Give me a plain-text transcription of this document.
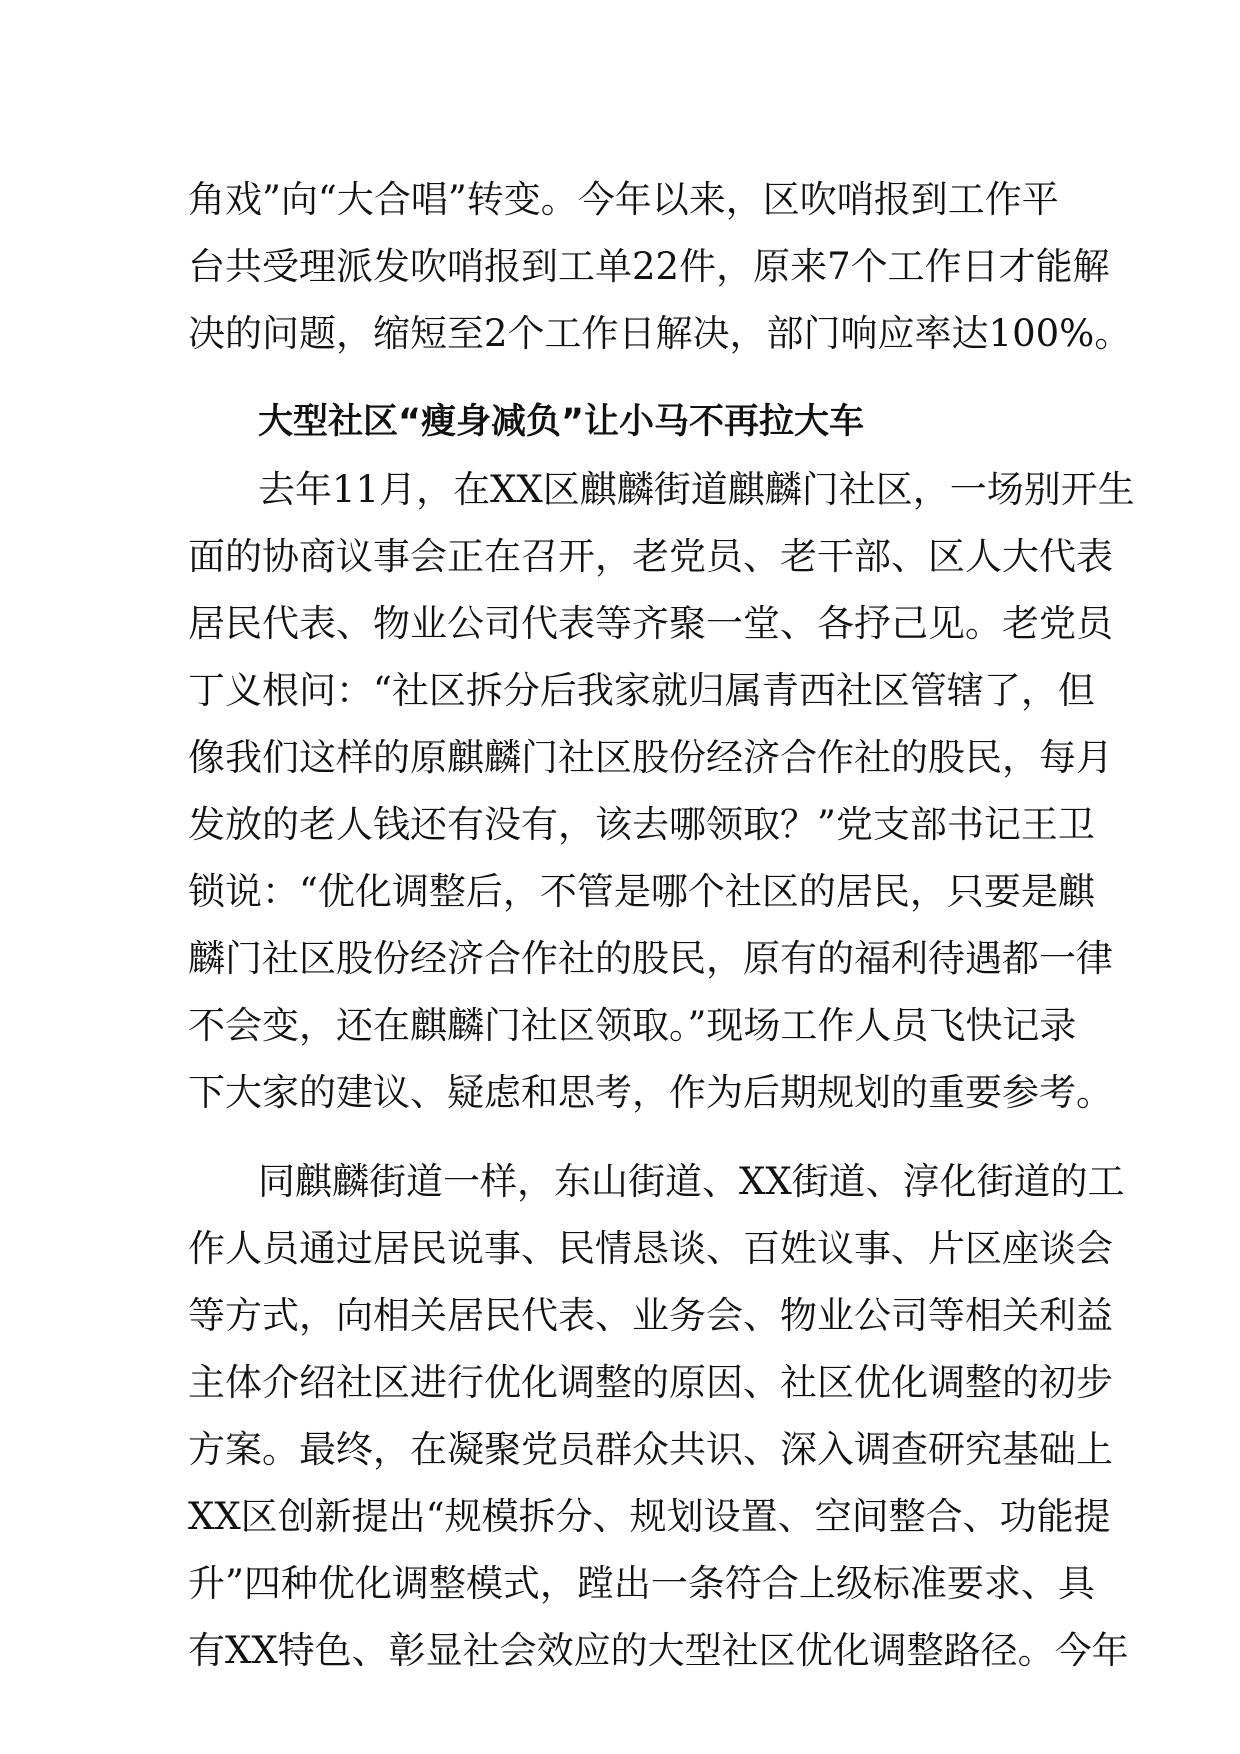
角戏”向“大合唱”转变。今年以来，区吹哨报到工作平
台共受理派发吹哨报到工单22件，原来7个工作日才能解
决的问题，缩短至2个工作日解决，部门响应率达100%。
大型社区“瘦身减负”让小马不再拉大车
去年11月，在XX区麒麟街道麒麟门社区，一场别开生
面的协商议事会正在召开，老党员、老干部、区人大代表
居民代表、物业公司代表等齐聚一堂、各抒己见。老党员
丁义根问：“社区拆分后我家就归属青西社区管辖了，但
像我们这样的原麒麟门社区股份经济合作社的股民，每月
发放的老人钱还有没有，该去哪领取？”党支部书记王卫
锁说：“优化调整后，不管是哪个社区的居民，只要是麒
麟门社区股份经济合作社的股民，原有的福利待遇都一律
不会变，还在麒麟门社区领取。”现场工作人员飞快记录
下大家的建议、疑虑和思考，作为后期规划的重要参考。
同麒麟街道一样，东山街道、XX街道、淳化街道的工
作人员通过居民说事、民情恳谈、百姓议事、片区座谈会
等方式，向相关居民代表、业务会、物业公司等相关利益
主体介绍社区进行优化调整的原因、社区优化调整的初步
方案。最终，在凝聚党员群众共识、深入调查研究基础上
XX区创新提出“规模拆分、规划设置、空间整合、功能提
升”四种优化调整模式，蹚出一条符合上级标准要求、具
有XX特色、彰显社会效应的大型社区优化调整路径。今年
